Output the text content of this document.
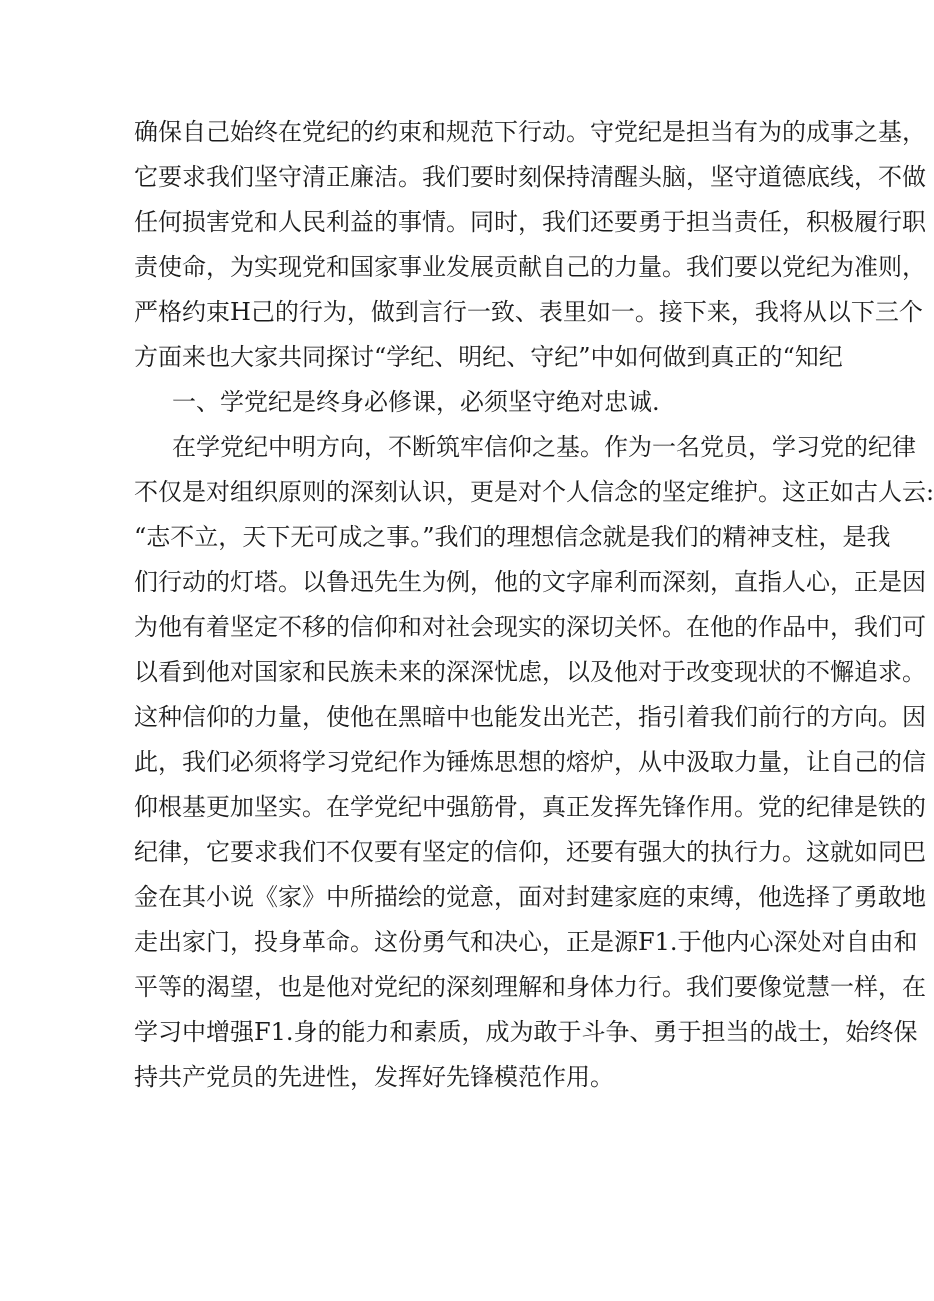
确保自己始终在党纪的约束和规范下行动。守党纪是担当有为的成事之基，
它要求我们坚守清正廉洁。我们要时刻保持清醒头脑，坚守道德底线，不做
任何损害党和人民利益的事情。同时，我们还要勇于担当责任，积极履行职
责使命，为实现党和国家事业发展贡献自己的力量。我们要以党纪为准则，
严格约束H己的行为，做到言行一致、表里如一。接下来，我将从以下三个
方面来也大家共同探讨“学纪、明纪、守纪”中如何做到真正的“知纪
一、学党纪是终身必修课，必须坚守绝对忠诚.
在学党纪中明方向，不断筑牢信仰之基。作为一名党员，学习党的纪律
不仅是对组织原则的深刻认识，更是对个人信念的坚定维护。这正如古人云:
“志不立，天下无可成之事。”我们的理想信念就是我们的精神支柱，是我
们行动的灯塔。以鲁迅先生为例，他的文字扉利而深刻，直指人心，正是因
为他有着坚定不移的信仰和对社会现实的深切关怀。在他的作品中，我们可
以看到他对国家和民族未来的深深忧虑，以及他对于改变现状的不懈追求。
这种信仰的力量，使他在黑暗中也能发出光芒，指引着我们前行的方向。因
此，我们必须将学习党纪作为锤炼思想的熔炉，从中汲取力量，让自己的信
仰根基更加坚实。在学党纪中强筋骨，真正发挥先锋作用。党的纪律是铁的
纪律，它要求我们不仅要有坚定的信仰，还要有强大的执行力。这就如同巴
金在其小说《家》中所描绘的觉意，面对封建家庭的束缚，他选择了勇敢地
走出家门，投身革命。这份勇气和决心，正是源F1.于他内心深处对自由和
平等的渴望，也是他对党纪的深刻理解和身体力行。我们要像觉慧一样，在
学习中增强F1.身的能力和素质，成为敢于斗争、勇于担当的战士，始终保
持共产党员的先进性，发挥好先锋模范作用。
